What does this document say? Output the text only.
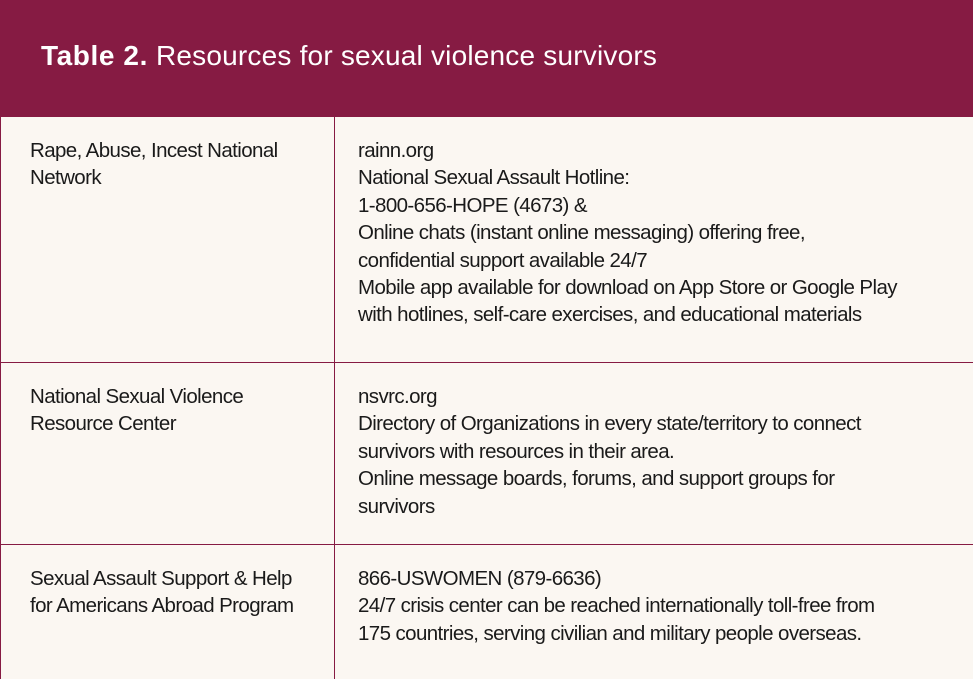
Table 2. Resources for sexual violence survivors
Rape, Abuse, Incest National
Network
rainn.org
National Sexual Assault Hotline:
1-800-656-HOPE (4673) &
Online chats (instant online messaging) offering free,
confidential support available 24/7
Mobile app available for download on App Store or Google Play
with hotlines, self-care exercises, and educational materials
National Sexual Violence
Resource Center
nsvrc.org
Directory of Organizations in every state/territory to connect
survivors with resources in their area.
Online message boards, forums, and support groups for
survivors
Sexual Assault Support & Help
for Americans Abroad Program
866-USWOMEN (879-6636)
24/7 crisis center can be reached internationally toll-free from
175 countries, serving civilian and military people overseas.
